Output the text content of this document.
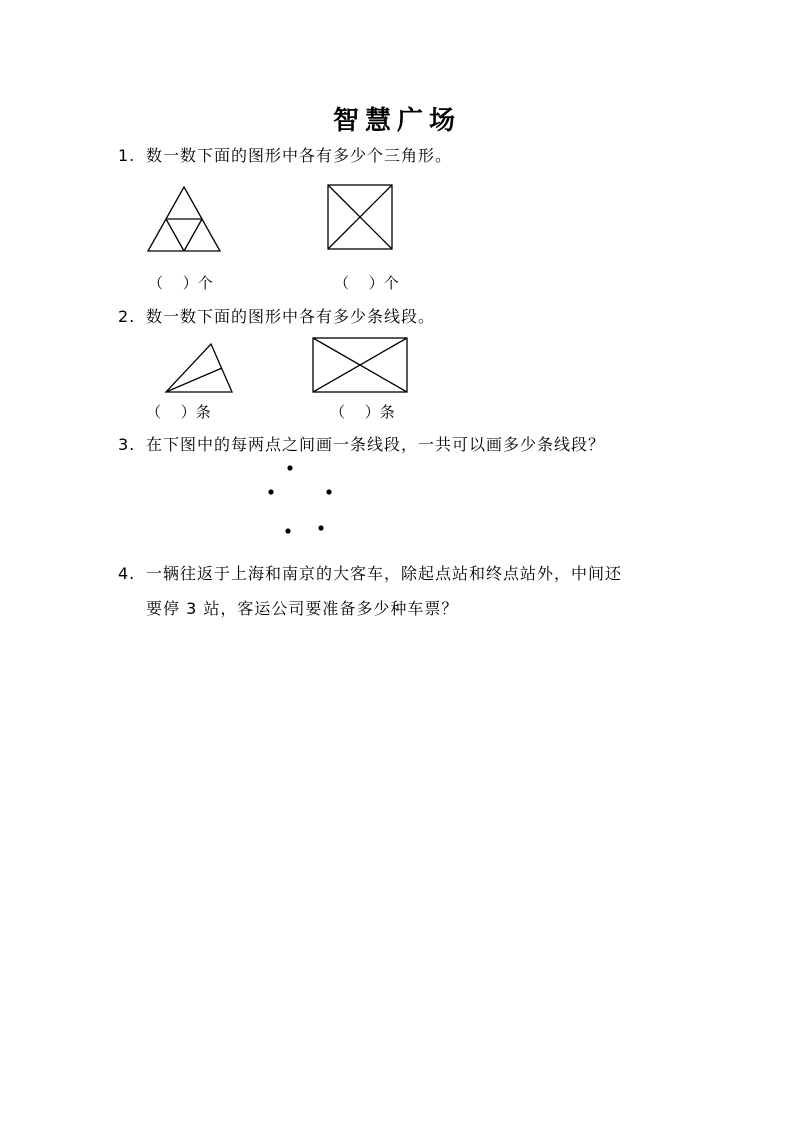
智慧广场
1. 数一数下面的图形中各有多少个三角形。
（　 ）个	（　 ）个
2. 数一数下面的图形中各有多少条线段。
（　 ）条	（　 ）条
3. 在下图中的每两点之间画一条线段，一共可以画多少条线段？
4. 一辆往返于上海和南京的大客车，除起点站和终点站外，中间还
要停 3 站，客运公司要准备多少种车票？
